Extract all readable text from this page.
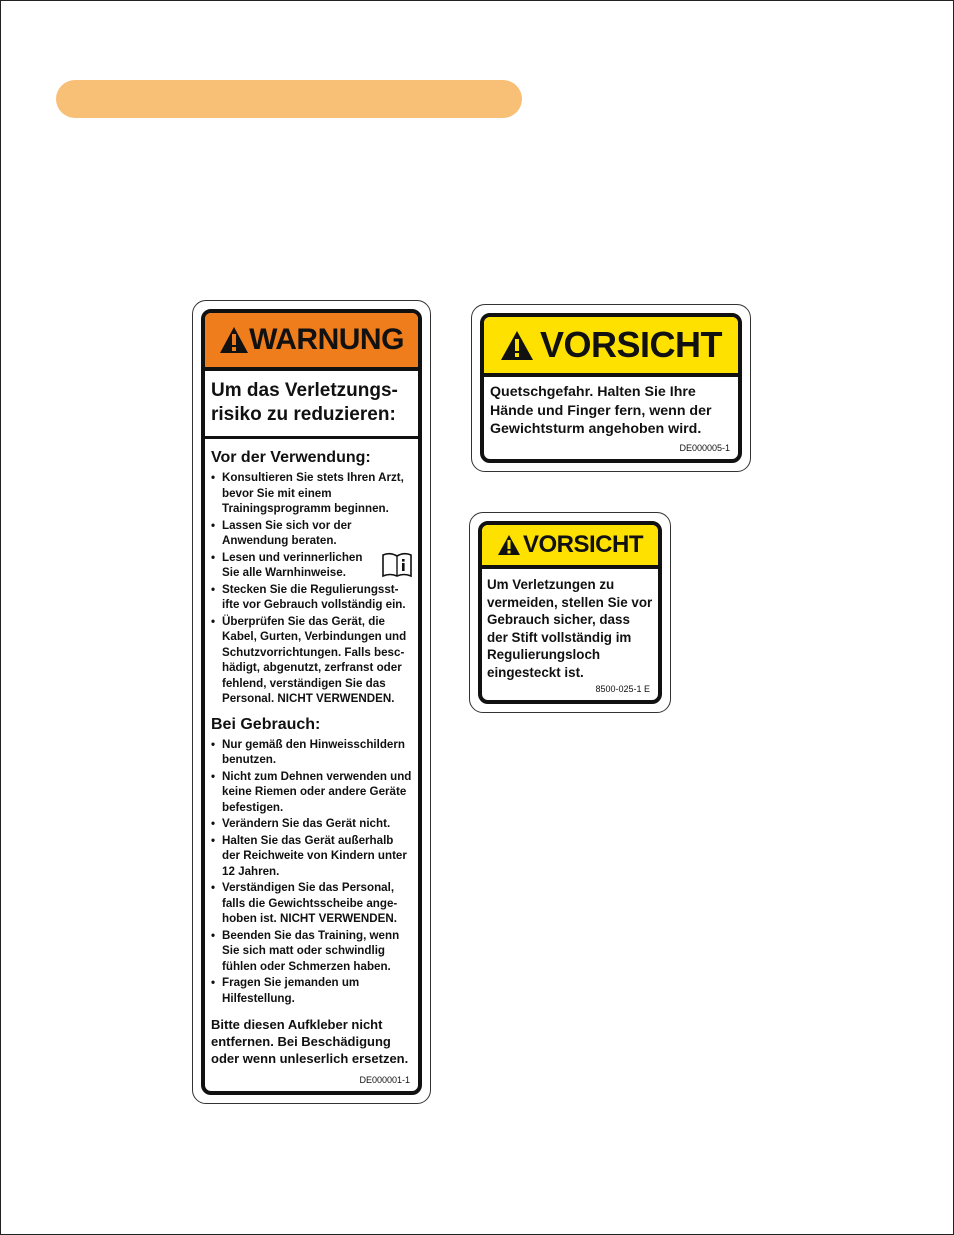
WARNUNG
Um das Verletzungs-risiko zu reduzieren:
Vor der Verwendung:
• Konsultieren Sie stets Ihren Arzt, bevor Sie mit einem Trainingsprogramm beginnen.
• Lassen Sie sich vor der Anwendung beraten.
• Lesen und verinnerlichen Sie alle Warnhinweise.
• Stecken Sie die Regulierungsst-ifte vor Gebrauch vollständig ein.
• Überprüfen Sie das Gerät, die Kabel, Gurten, Verbindungen und Schutzvorrichtungen. Falls besc-hädigt, abgenutzt, zerfranst oder fehlend, verständigen Sie das Personal. NICHT VERWENDEN.
Bei Gebrauch:
• Nur gemäß den Hinweisschildern benutzen.
• Nicht zum Dehnen verwenden und keine Riemen oder andere Geräte befestigen.
• Verändern Sie das Gerät nicht.
• Halten Sie das Gerät außerhalb der Reichweite von Kindern unter 12 Jahren.
• Verständigen Sie das Personal, falls die Gewichtsscheibe ange-hoben ist. NICHT VERWENDEN.
• Beenden Sie das Training, wenn Sie sich matt oder schwindlig fühlen oder Schmerzen haben.
• Fragen Sie jemanden um Hilfestellung.
Bitte diesen Aufkleber nicht entfernen. Bei Beschädigung oder wenn unleserlich ersetzen.
DE000001-1
VORSICHT
Quetschgefahr. Halten Sie Ihre Hände und Finger fern, wenn der Gewichtsturm angehoben wird.
DE000005-1
VORSICHT
Um Verletzungen zu vermeiden, stellen Sie vor Gebrauch sicher, dass der Stift vollständig im Regulierungsloch eingesteckt ist.
8500-025-1 E
